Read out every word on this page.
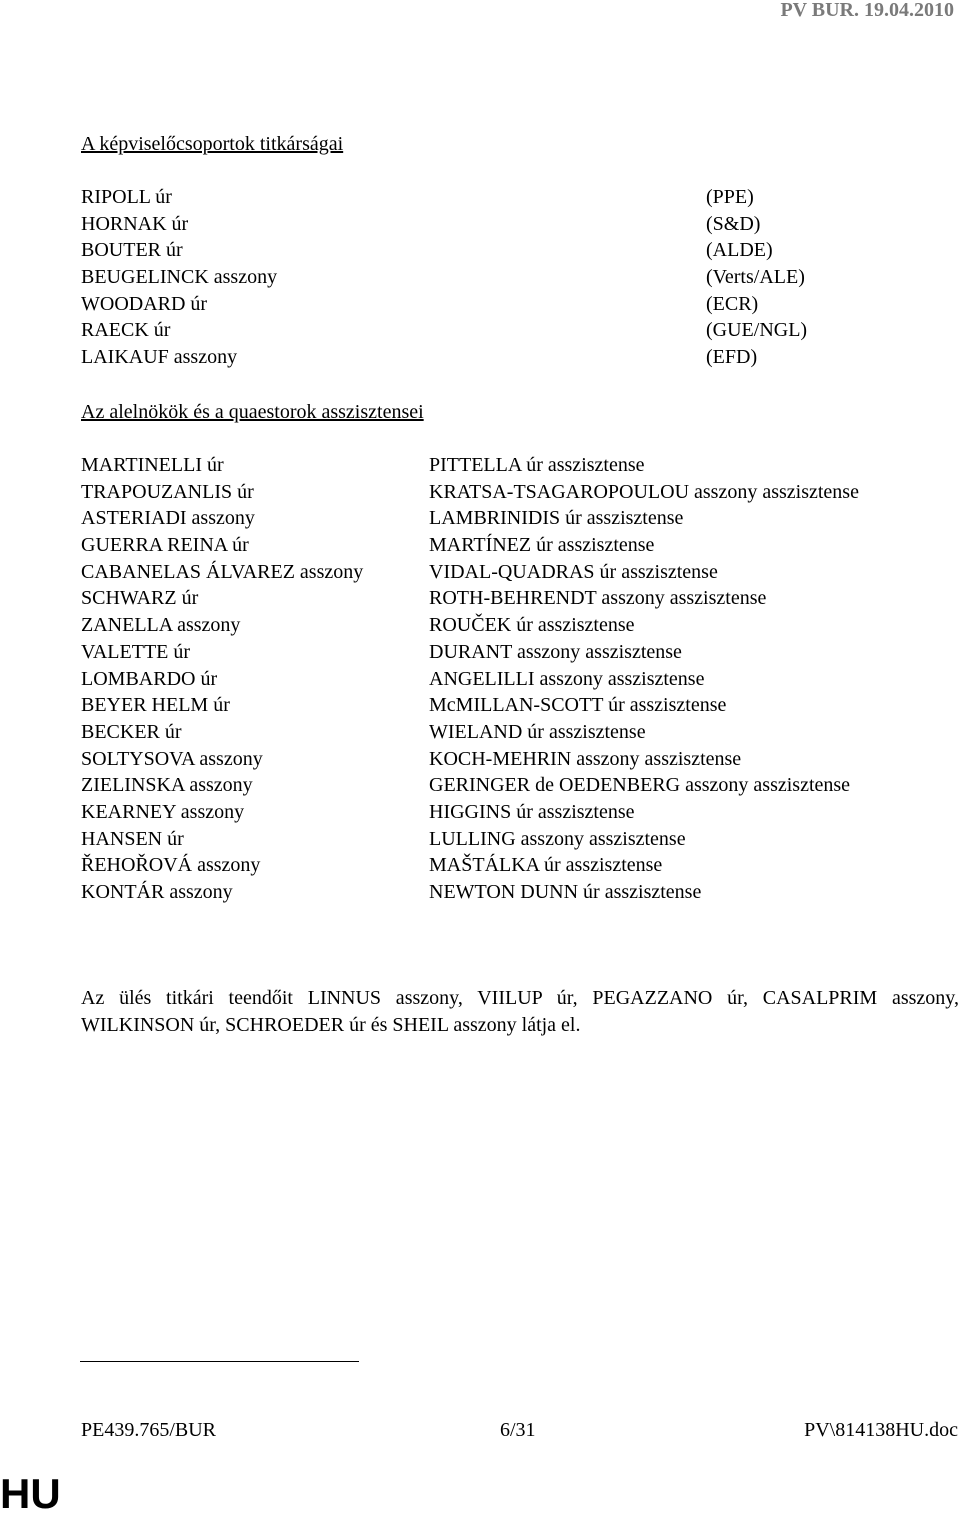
PV BUR. 19.04.2010
A képviselőcsoportok titkárságai
RIPOLL úr
HORNAK úr
BOUTER úr
BEUGELINCK asszony
WOODARD úr
RAECK úr
LAIKAUF asszony
(PPE)
(S&D)
(ALDE)
(Verts/ALE)
(ECR)
(GUE/NGL)
(EFD)
Az alelnökök és a quaestorok asszisztensei
MARTINELLI úr
TRAPOUZANLIS úr
ASTERIADI asszony
GUERRA REINA úr
CABANELAS ÁLVAREZ asszony
SCHWARZ úr
ZANELLA asszony
VALETTE úr
LOMBARDO úr
BEYER HELM úr
BECKER úr
SOLTYSOVA asszony
ZIELINSKA asszony
KEARNEY asszony
HANSEN úr
ŘEHOŘOVÁ asszony
KONTÁR asszony
PITTELLA úr asszisztense
KRATSA-TSAGAROPOULOU asszony asszisztense
LAMBRINIDIS úr asszisztense
MARTÍNEZ úr asszisztense
VIDAL-QUADRAS úr asszisztense
ROTH-BEHRENDT asszony asszisztense
ROUČEK úr asszisztense
DURANT asszony asszisztense
ANGELILLI asszony asszisztense
McMILLAN-SCOTT úr asszisztense
WIELAND úr asszisztense
KOCH-MEHRIN asszony asszisztense
GERINGER de OEDENBERG asszony asszisztense
HIGGINS úr asszisztense
LULLING asszony asszisztense
MAŠTÁLKA úr asszisztense
NEWTON DUNN úr asszisztense
Az ülés titkári teendőit LINNUS asszony, VIILUP úr, PEGAZZANO úr, CASALPRIM asszony, WILKINSON úr, SCHROEDER úr és SHEIL asszony látja el.
PE439.765/BUR	6/31	PV\814138HU.doc
HU
